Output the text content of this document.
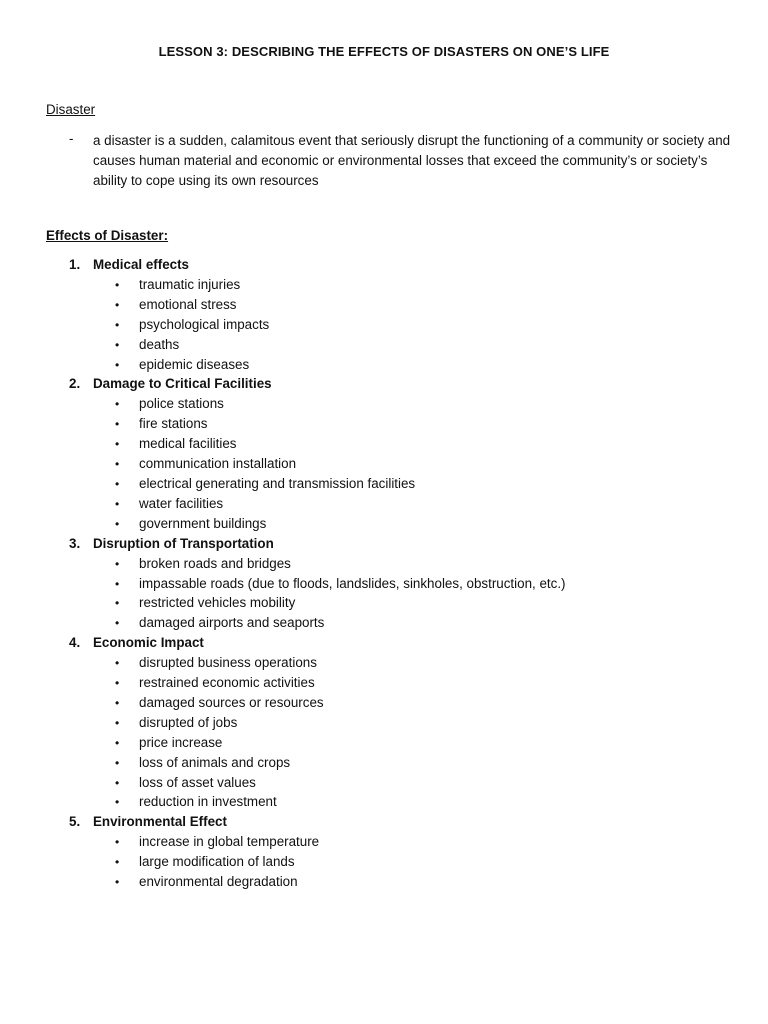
LESSON 3: DESCRIBING THE EFFECTS OF DISASTERS ON ONE’S LIFE
Disaster
- a disaster is a sudden, calamitous event that seriously disrupt the functioning of a community or society and causes human material and economic or environmental losses that exceed the community’s or society’s ability to cope using its own resources
Effects of Disaster:
1. Medical effects
• traumatic injuries
• emotional stress
• psychological impacts
• deaths
• epidemic diseases
2. Damage to Critical Facilities
• police stations
• fire stations
• medical facilities
• communication installation
• electrical generating and transmission facilities
• water facilities
• government buildings
3. Disruption of Transportation
• broken roads and bridges
• impassable roads (due to floods, landslides, sinkholes, obstruction, etc.)
• restricted vehicles mobility
• damaged airports and seaports
4. Economic Impact
• disrupted business operations
• restrained economic activities
• damaged sources or resources
• disrupted of jobs
• price increase
• loss of animals and crops
• loss of asset values
• reduction in investment
5. Environmental Effect
• increase in global temperature
• large modification of lands
• environmental degradation
